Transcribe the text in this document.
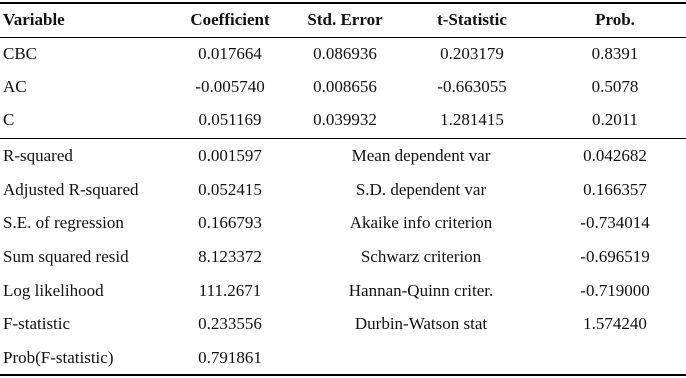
Variable	Coefficient	Std. Error	t-Statistic	Prob.
CBC	0.017664	0.086936	0.203179	0.8391
AC	-0.005740	0.008656	-0.663055	0.5078
C	0.051169	0.039932	1.281415	0.2011
R-squared	0.001597	Mean dependent var	0.042682
Adjusted R-squared	0.052415	S.D. dependent var	0.166357
S.E. of regression	0.166793	Akaike info criterion	-0.734014
Sum squared resid	8.123372	Schwarz criterion	-0.696519
Log likelihood	111.2671	Hannan-Quinn criter.	-0.719000
F-statistic	0.233556	Durbin-Watson stat	1.574240
Prob(F-statistic)	0.791861
